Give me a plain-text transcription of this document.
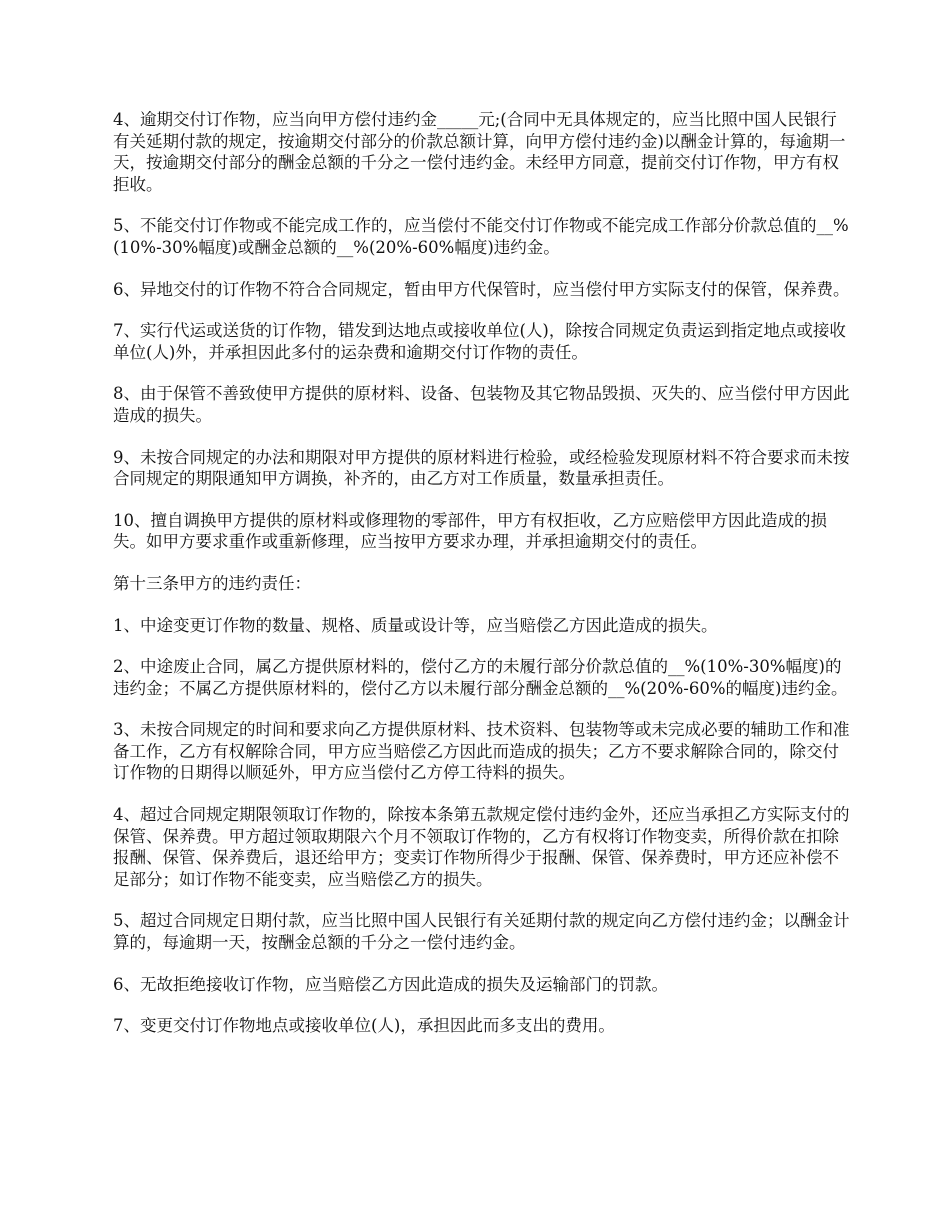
4、逾期交付订作物，应当向甲方偿付违约金_____元;(合同中无具体规定的，应当比照中国人民银行有关延期付款的规定，按逾期交付部分的价款总额计算，向甲方偿付违约金)以酬金计算的，每逾期一天，按逾期交付部分的酬金总额的千分之一偿付违约金。未经甲方同意，提前交付订作物，甲方有权拒收。

5、不能交付订作物或不能完成工作的，应当偿付不能交付订作物或不能完成工作部分价款总值的__%(10%-30%幅度)或酬金总额的__%(20%-60%幅度)违约金。

6、异地交付的订作物不符合合同规定，暂由甲方代保管时，应当偿付甲方实际支付的保管，保养费。

7、实行代运或送货的订作物，错发到达地点或接收单位(人)，除按合同规定负责运到指定地点或接收单位(人)外，并承担因此多付的运杂费和逾期交付订作物的责任。

8、由于保管不善致使甲方提供的原材料、设备、包装物及其它物品毁损、灭失的、应当偿付甲方因此造成的损失。

9、未按合同规定的办法和期限对甲方提供的原材料进行检验，或经检验发现原材料不符合要求而未按合同规定的期限通知甲方调换，补齐的，由乙方对工作质量，数量承担责任。

10、擅自调换甲方提供的原材料或修理物的零部件，甲方有权拒收，乙方应赔偿甲方因此造成的损失。如甲方要求重作或重新修理，应当按甲方要求办理，并承担逾期交付的责任。

第十三条甲方的违约责任：

1、中途变更订作物的数量、规格、质量或设计等，应当赔偿乙方因此造成的损失。

2、中途废止合同，属乙方提供原材料的，偿付乙方的未履行部分价款总值的__%(10%-30%幅度)的违约金；不属乙方提供原材料的，偿付乙方以未履行部分酬金总额的__%(20%-60%的幅度)违约金。

3、未按合同规定的时间和要求向乙方提供原材料、技术资料、包装物等或未完成必要的辅助工作和准备工作，乙方有权解除合同，甲方应当赔偿乙方因此而造成的损失；乙方不要求解除合同的，除交付订作物的日期得以顺延外，甲方应当偿付乙方停工待料的损失。

4、超过合同规定期限领取订作物的，除按本条第五款规定偿付违约金外，还应当承担乙方实际支付的保管、保养费。甲方超过领取期限六个月不领取订作物的，乙方有权将订作物变卖，所得价款在扣除报酬、保管、保养费后，退还给甲方；变卖订作物所得少于报酬、保管、保养费时，甲方还应补偿不足部分；如订作物不能变卖，应当赔偿乙方的损失。

5、超过合同规定日期付款，应当比照中国人民银行有关延期付款的规定向乙方偿付违约金；以酬金计算的，每逾期一天，按酬金总额的千分之一偿付违约金。

6、无故拒绝接收订作物，应当赔偿乙方因此造成的损失及运输部门的罚款。

7、变更交付订作物地点或接收单位(人)，承担因此而多支出的费用。
